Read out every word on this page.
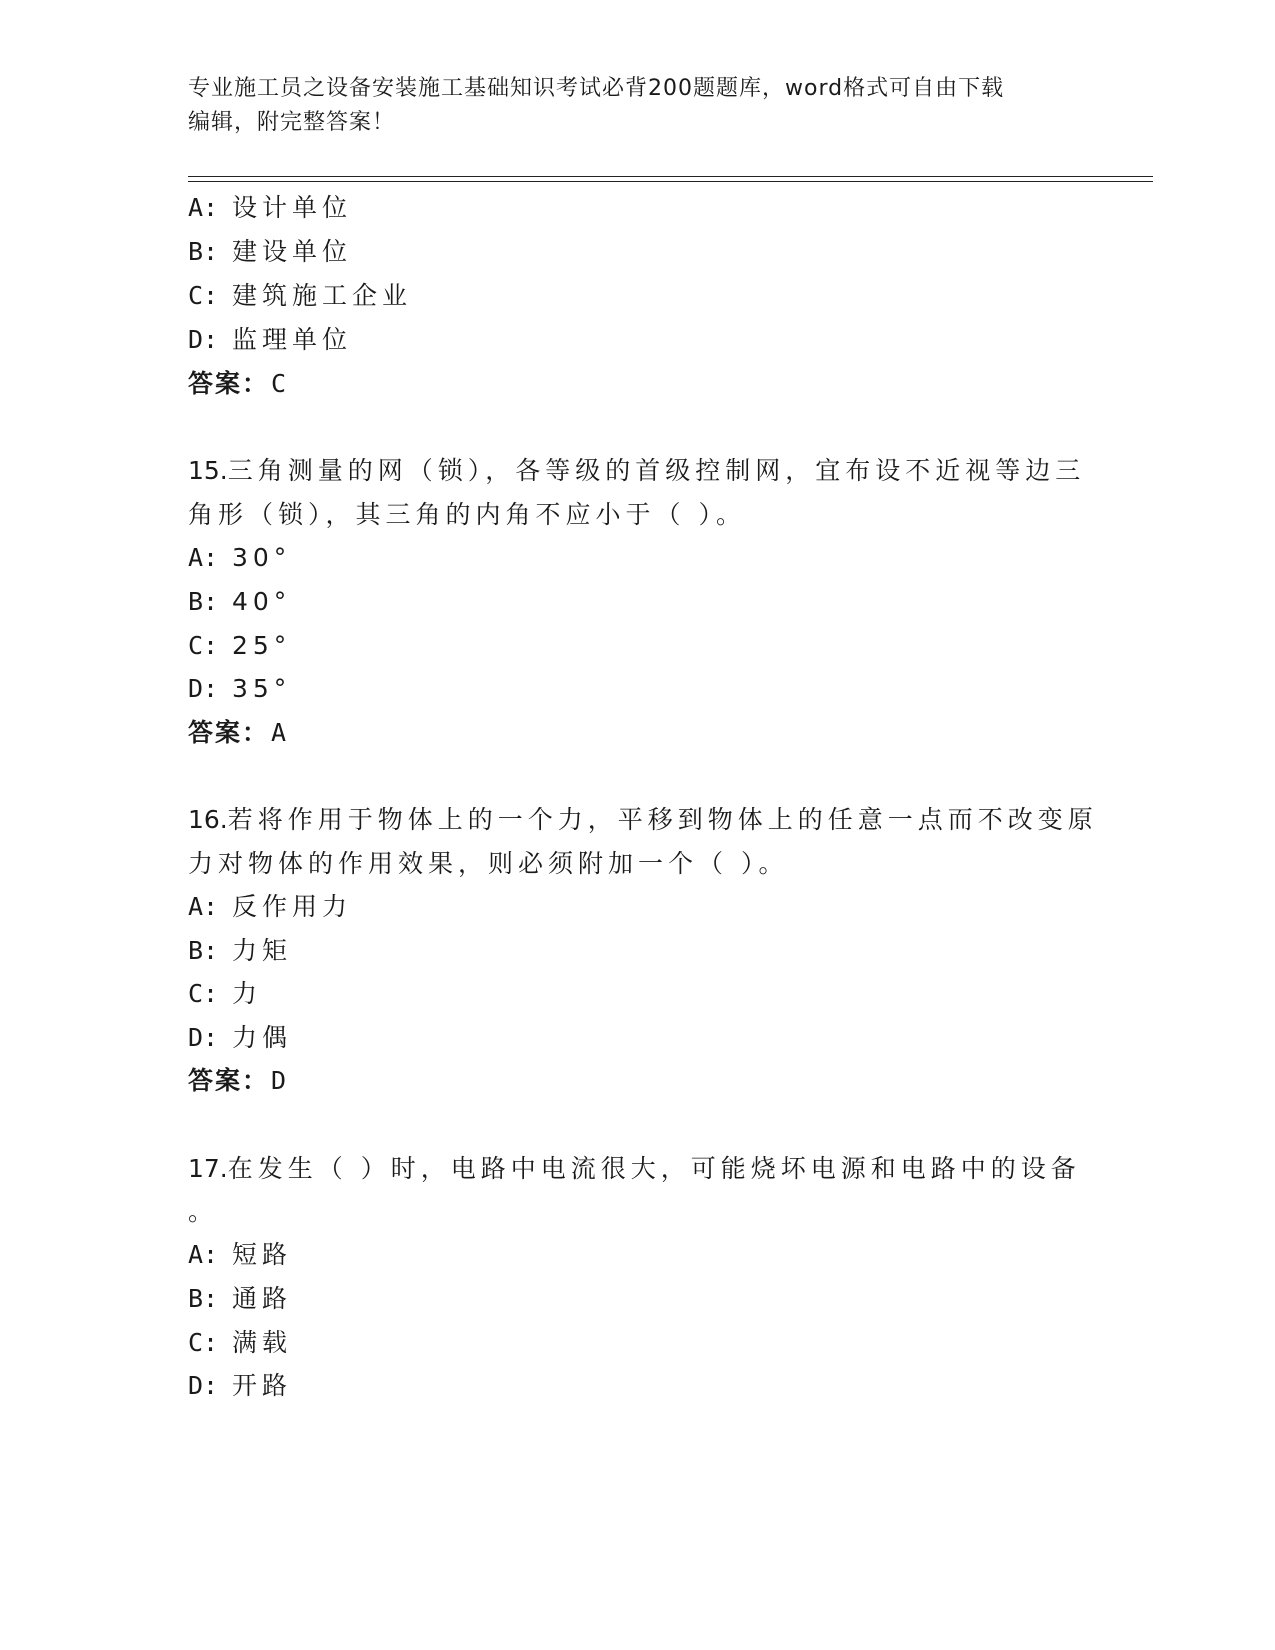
专业施工员之设备安装施工基础知识考试必背200题题库，word格式可自由下载
编辑，附完整答案！
A: 设计单位
B: 建设单位
C: 建筑施工企业
D: 监理单位
答案：C
15.三角测量的网（锁），各等级的首级控制网，宜布设不近视等边三
角形（锁），其三角的内角不应小于（ ）。
A: 30°
B: 40°
C: 25°
D: 35°
答案：A
16.若将作用于物体上的一个力，平移到物体上的任意一点而不改变原
力对物体的作用效果，则必须附加一个（ ）。
A: 反作用力
B: 力矩
C: 力
D: 力偶
答案：D
17.在发生（ ）时，电路中电流很大，可能烧坏电源和电路中的设备
。
A: 短路
B: 通路
C: 满载
D: 开路
